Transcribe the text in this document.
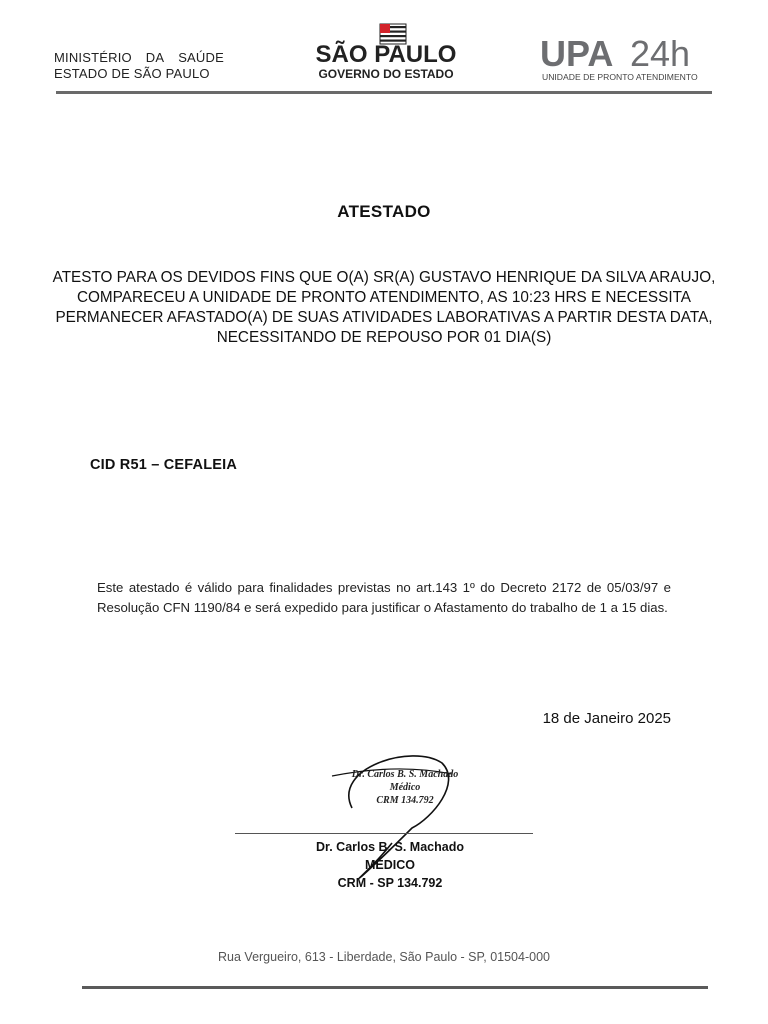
MINISTÉRIO DA SAÚDE
ESTADO DE SÃO PAULO
SÃO PAULO
GOVERNO DO ESTADO UPA 24h
UNIDADE DE PRONTO ATENDIMENTO
ATESTADO
ATESTO PARA OS DEVIDOS FINS QUE O(A) SR(A) GUSTAVO HENRIQUE DA SILVA ARAUJO, COMPARECEU A UNIDADE DE PRONTO ATENDIMENTO, AS 10:23 HRS E NECESSITA PERMANECER AFASTADO(A) DE SUAS ATIVIDADES LABORATIVAS A PARTIR DESTA DATA, NECESSITANDO DE REPOUSO POR 01 DIA(S)
CID R51 – CEFALEIA
Este atestado é válido para finalidades previstas no art.143 1º do Decreto 2172 de 05/03/97 e Resolução CFN 1190/84 e será expedido para justificar o Afastamento do trabalho de 1 a 15 dias.
18 de Janeiro 2025
Dr. Carlos B. S. Machado
Médico
CRM 134.792
Dr. Carlos B. S. Machado
MÉDICO
CRM - SP 134.792
Rua Vergueiro, 613 - Liberdade, São Paulo - SP, 01504-000
